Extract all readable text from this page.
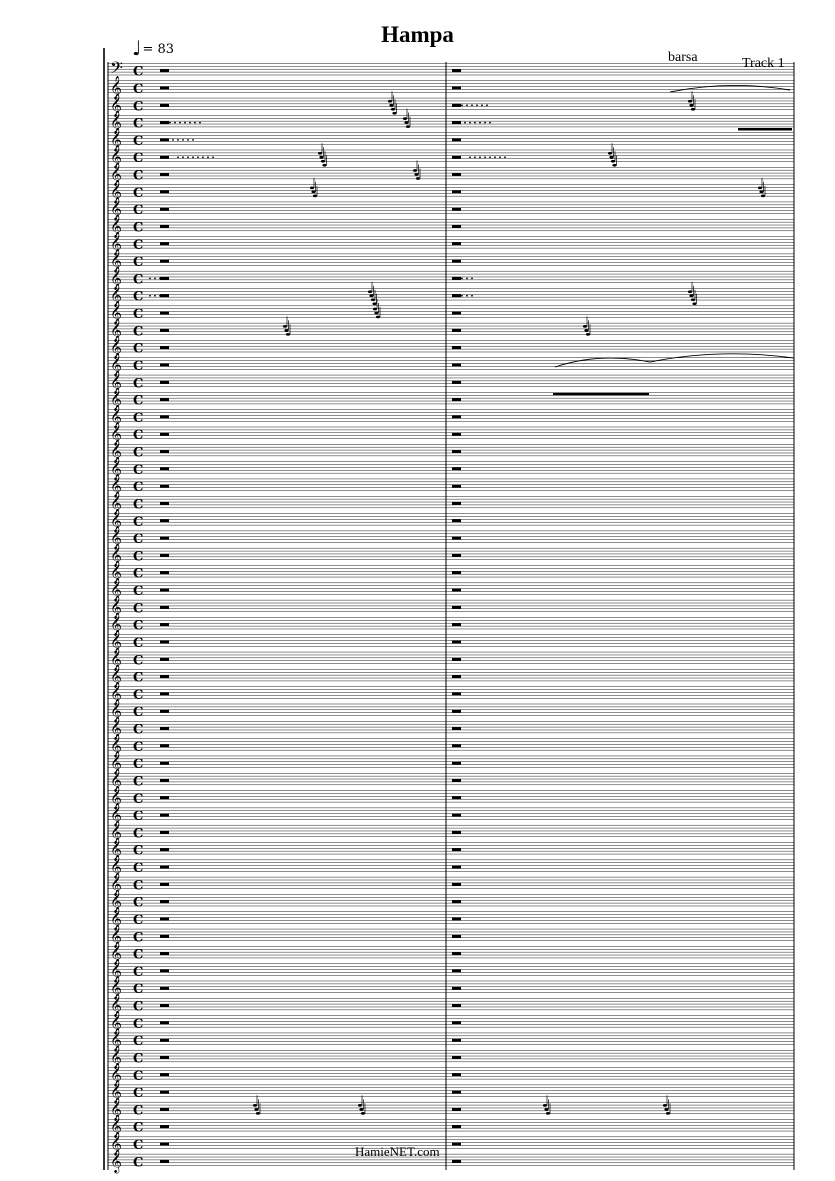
Hampa
♩= 83
barsa	Track 1
𝄢 C
𝄞 C
𝄞 C
𝄞 C
𝄞 C
𝄞 C
𝄞 C
𝄞 C
𝄞 C
𝄞 C
𝄞 C
𝄞 C
𝄞 C
𝄞 C
𝄞 C
𝄞 C
𝄞 C
𝄞 C
𝄞 C
𝄞 C
𝄞 C
𝄞 C
𝄞 C
𝄞 C
𝄞 C
𝄞 C
𝄞 C
𝄞 C
𝄞 C
𝄞 C
𝄞 C
𝄞 C
𝄞 C
𝄞 C
𝄞 C
𝄞 C
𝄞 C
𝄞 C
𝄞 C
𝄞 C
𝄞 C
𝄞 C
𝄞 C
𝄞 C
𝄞 C
𝄞 C
𝄞 C
𝄞 C
𝄞 C
𝄞 C
𝄞 C
𝄞 C
𝄞 C
𝄞 C
𝄞 C
𝄞 C
𝄞 C
𝄞 C
𝄞 C
𝄞 C
𝄞 C
𝄞 C
𝄞 C
𝄞 C
HamieNET.com
